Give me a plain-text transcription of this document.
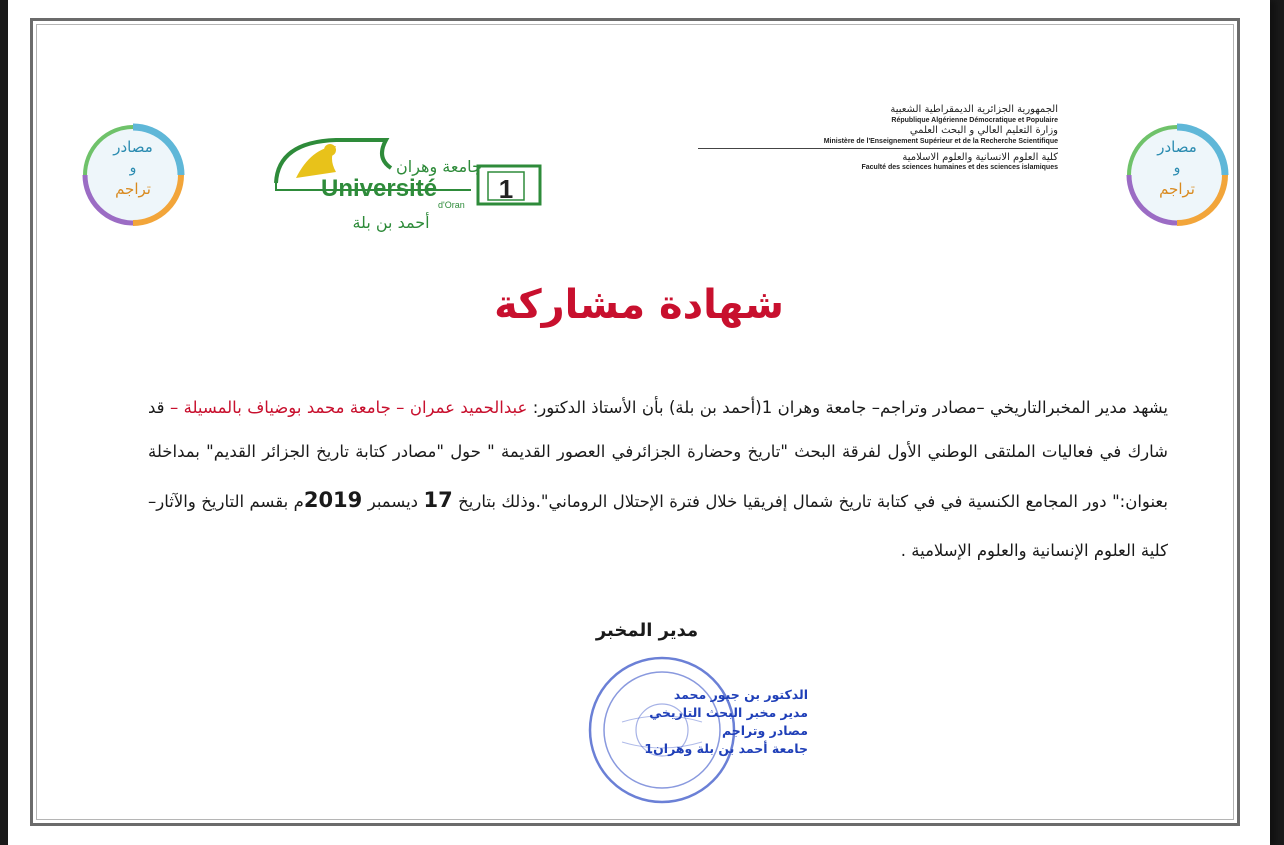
مصادر
و
تراجم
مصادر
و
تراجم
جامعة وهران
Université
d'Oran
1
أحمد بن بلة
الجمهورية الجزائرية الديمقراطية الشعبية
République Algérienne Démocratique et Populaire
وزارة التعليم العالي و البحث العلمي
Ministère de l'Enseignement Supérieur et de la Recherche Scientifique
كلية العلوم الانسانية والعلوم الاسلامية
Faculté des sciences humaines et des sciences islamiques
شهادة مشاركة
يشهد مدير المخبرالتاريخي –مصادر وتراجم– جامعة وهران 1(أحمد بن بلة) بأن الأستاذ الدكتور: عبدالحميد عمران – جامعة محمد بوضياف بالمسيلة – قد شارك في فعاليات الملتقى الوطني الأول لفرقة البحث "تاريخ وحضارة الجزائرفي العصور القديمة " حول "مصادر كتابة تاريخ الجزائر القديم" بمداخلة بعنوان:" دور المجامع الكنسية في في كتابة تاريخ شمال إفريقيا خلال فترة الإحتلال الروماني".وذلك بتاريخ 17 ديسمبر 2019م بقسم التاريخ والآثار– كلية العلوم الإنسانية والعلوم الإسلامية .
مدير المخبر
الدكتور بن جبور محمد
مدير مخبر البحث التاريخي
مصادر وتراجم
جامعة أحمد بن بلة وهران1
